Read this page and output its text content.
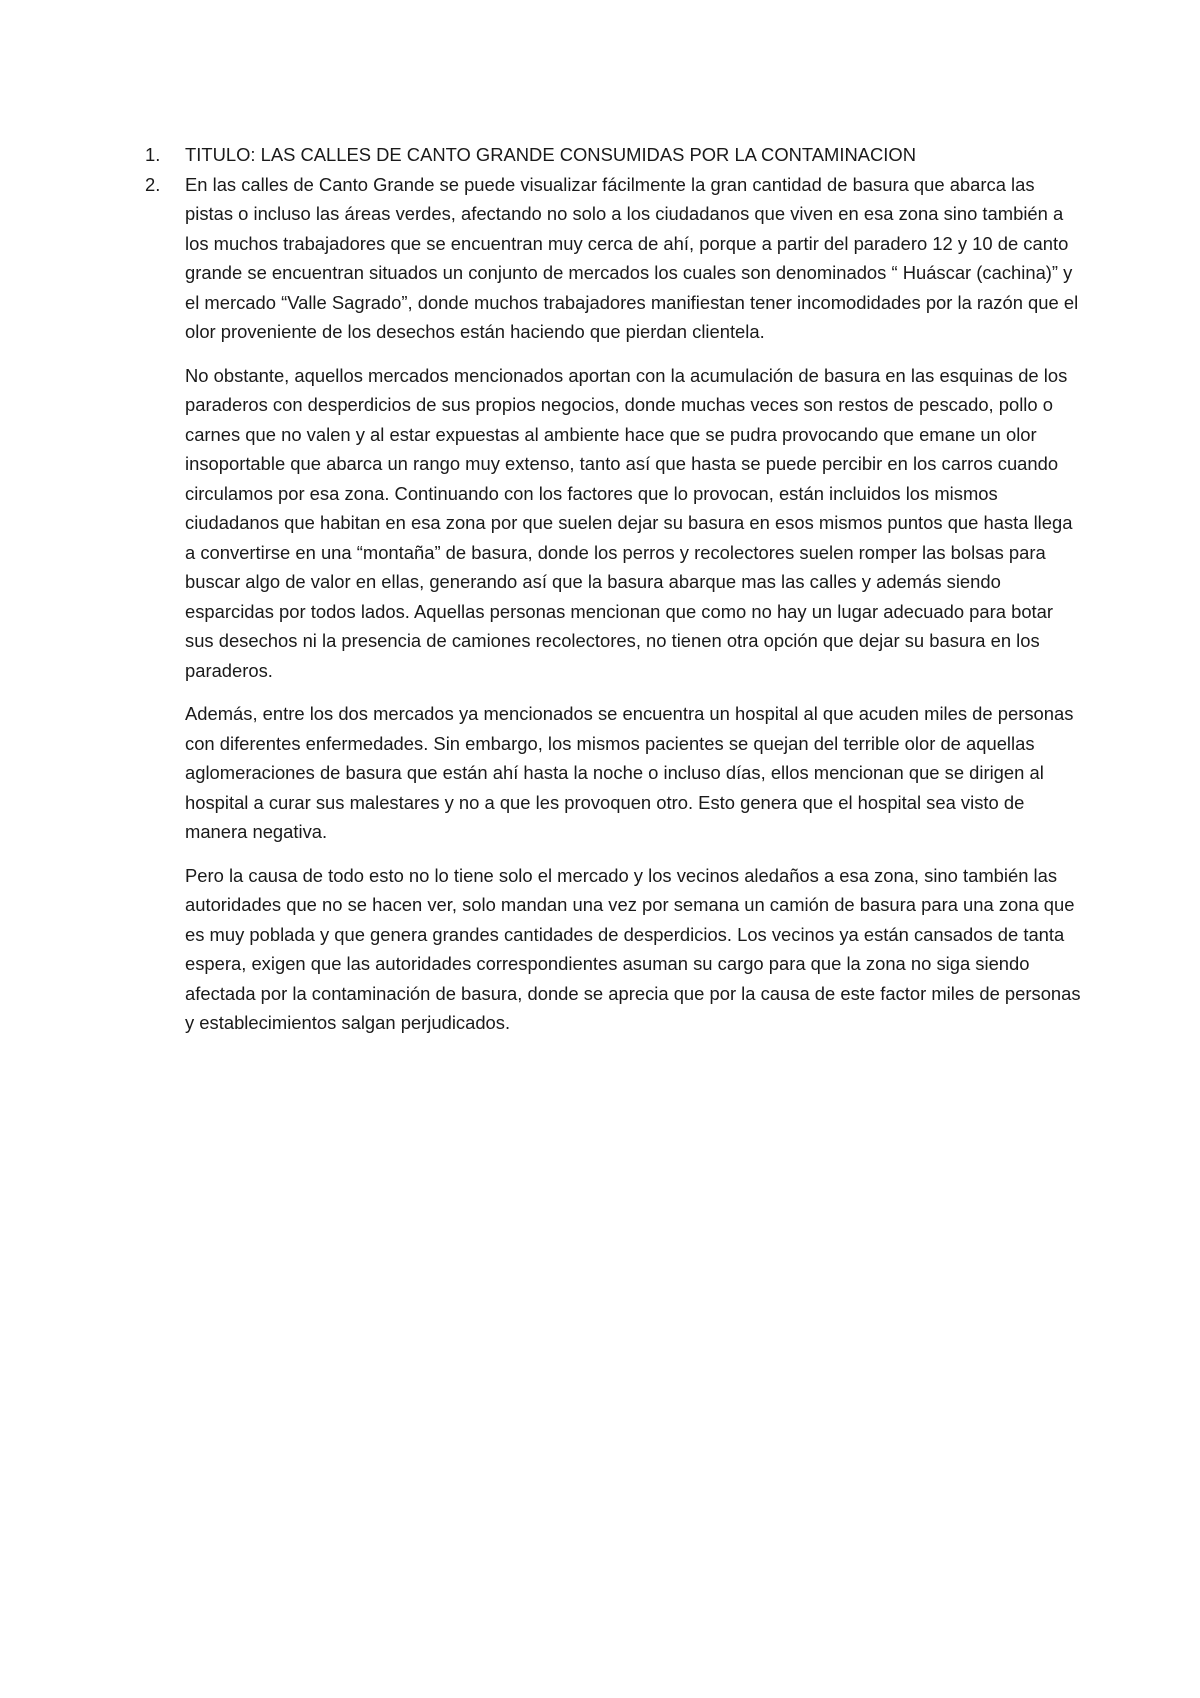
1. TITULO: LAS CALLES DE CANTO GRANDE CONSUMIDAS POR LA CONTAMINACION
2. En las calles de Canto Grande se puede visualizar fácilmente la gran cantidad de basura que abarca las pistas o incluso las áreas verdes, afectando no solo a los ciudadanos que viven en esa zona sino también a los muchos trabajadores que se encuentran muy cerca de ahí, porque a partir del paradero 12 y 10 de canto grande se encuentran situados un conjunto de mercados los cuales son denominados “ Huáscar (cachina)” y el mercado “Valle Sagrado”, donde muchos trabajadores manifiestan tener incomodidades por la razón que el olor proveniente de los desechos están haciendo que pierdan clientela.

No obstante, aquellos mercados mencionados aportan con la acumulación de basura en las esquinas de los paraderos con desperdicios de sus propios negocios, donde muchas veces son restos de pescado, pollo o carnes que no valen y al estar expuestas al ambiente hace que se pudra provocando que emane un olor insoportable que abarca un rango muy extenso, tanto así que hasta se puede percibir en los carros cuando circulamos por esa zona. Continuando con los factores que lo provocan, están incluidos los mismos ciudadanos que habitan en esa zona por que suelen dejar su basura en esos mismos puntos que hasta llega a convertirse en una “montaña” de basura, donde los perros y recolectores suelen romper las bolsas para buscar algo de valor en ellas, generando así que la basura abarque mas las calles y además siendo esparcidas por todos lados. Aquellas personas mencionan que como no hay un lugar adecuado para botar sus desechos ni la presencia de camiones recolectores, no tienen otra opción que dejar su basura en los paraderos.

Además, entre los dos mercados ya mencionados se encuentra un hospital al que acuden miles de personas con diferentes enfermedades. Sin embargo, los mismos pacientes se quejan del terrible olor de aquellas aglomeraciones de basura que están ahí hasta la noche o incluso días, ellos mencionan que se dirigen al hospital a curar sus malestares y no a que les provoquen otro. Esto genera que el hospital sea visto de manera negativa.

Pero la causa de todo esto no lo tiene solo el mercado y los vecinos aledaños a esa zona, sino también las autoridades que no se hacen ver, solo mandan una vez por semana un camión de basura para una zona que es muy poblada y que genera grandes cantidades de desperdicios. Los vecinos ya están cansados de tanta espera, exigen que las autoridades correspondientes asuman su cargo para que la zona no siga siendo afectada por la contaminación de basura, donde se aprecia que por la causa de este factor miles de personas y establecimientos salgan perjudicados.
